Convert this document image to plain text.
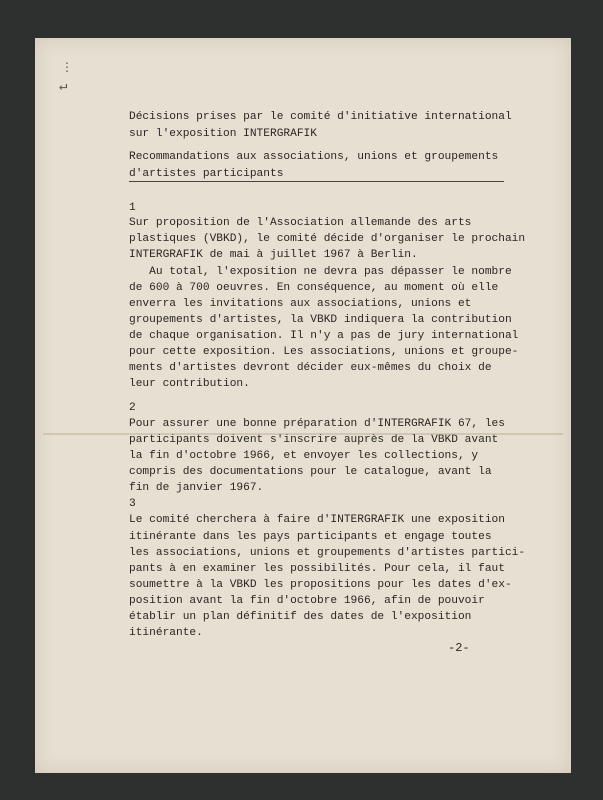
⋮
↵
Décisions prises par le comité d'initiative international
sur l'exposition INTERGRAFIK
Recommandations aux associations, unions et groupements
d'artistes participants
1
Sur proposition de l'Association allemande des arts
plastiques (VBKD), le comité décide d'organiser le prochain
INTERGRAFIK de mai à juillet 1967 à Berlin.
Au total, l'exposition ne devra pas dépasser le nombre
de 600 à 700 oeuvres. En conséquence, au moment où elle
enverra les invitations aux associations, unions et
groupements d'artistes, la VBKD indiquera la contribution
de chaque organisation. Il n'y a pas de jury international
pour cette exposition. Les associations, unions et groupe-
ments d'artistes devront décider eux-mêmes du choix de
leur contribution.
2
Pour assurer une bonne préparation d'INTERGRAFIK 67, les
participants doivent s'inscrire auprès de la VBKD avant
la fin d'octobre 1966, et envoyer les collections, y
compris des documentations pour le catalogue, avant la
fin de janvier 1967.
3
Le comité cherchera à faire d'INTERGRAFIK une exposition
itinérante dans les pays participants et engage toutes
les associations, unions et groupements d'artistes partici-
pants à en examiner les possibilités. Pour cela, il faut
soumettre à la VBKD les propositions pour les dates d'ex-
position avant la fin d'octobre 1966, afin de pouvoir
établir un plan définitif des dates de l'exposition
itinérante.
-2-
